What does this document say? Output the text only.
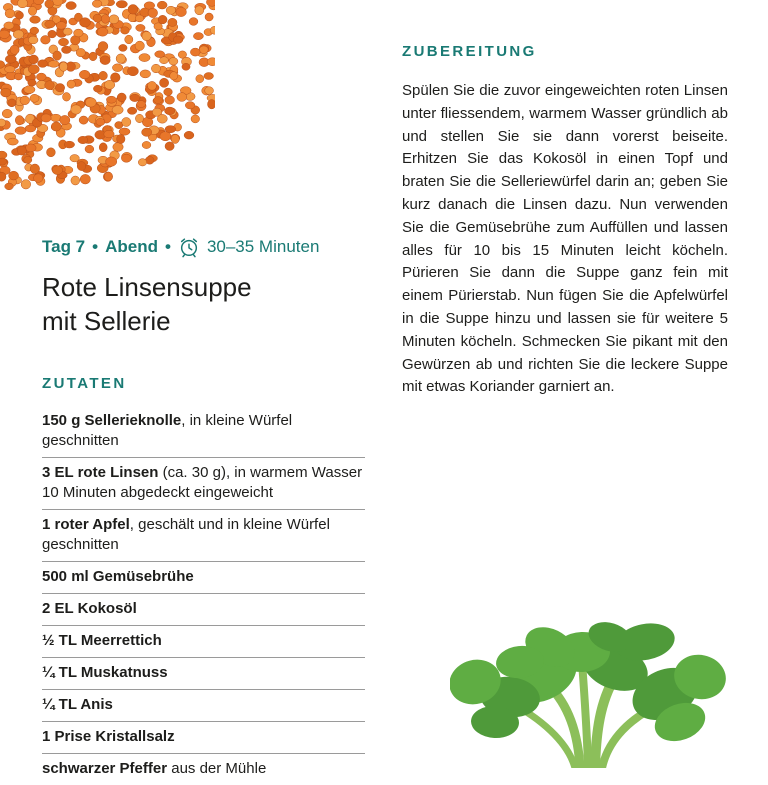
Tag 7 • Abend • 30–35 Minuten
Rote Linsensuppe
mit Sellerie
ZUTATEN
150 g Sellerieknolle, in kleine Würfel geschnitten
3 EL rote Linsen (ca. 30 g), in warmem Wasser 10 Minuten abgedeckt eingeweicht
1 roter Apfel, geschält und in kleine Würfel geschnitten
500 ml Gemüsebrühe
2 EL Kokosöl
½ TL Meerrettich
¼ TL Muskatnuss
¼ TL Anis
1 Prise Kristallsalz
schwarzer Pfeffer aus der Mühle
ZUBEREITUNG

Spülen Sie die zuvor eingeweichten roten Linsen unter fliessendem, warmem Wasser gründlich ab und stellen Sie sie dann vorerst beiseite. Erhitzen Sie das Kokosöl in einen Topf und braten Sie die Selleriewürfel darin an; geben Sie kurz danach die Linsen dazu. Nun verwenden Sie die Gemüsebrühe zum Auffüllen und lassen alles für 10 bis 15 Minuten leicht köcheln. Pürieren Sie dann die Suppe ganz fein mit einem Pürierstab. Nun fügen Sie die Apfelwürfel in die Suppe hinzu und lassen sie für weitere 5 Minuten köcheln. Schmecken Sie pikant mit den Gewürzen ab und richten Sie die leckere Suppe mit etwas Koriander garniert an.
